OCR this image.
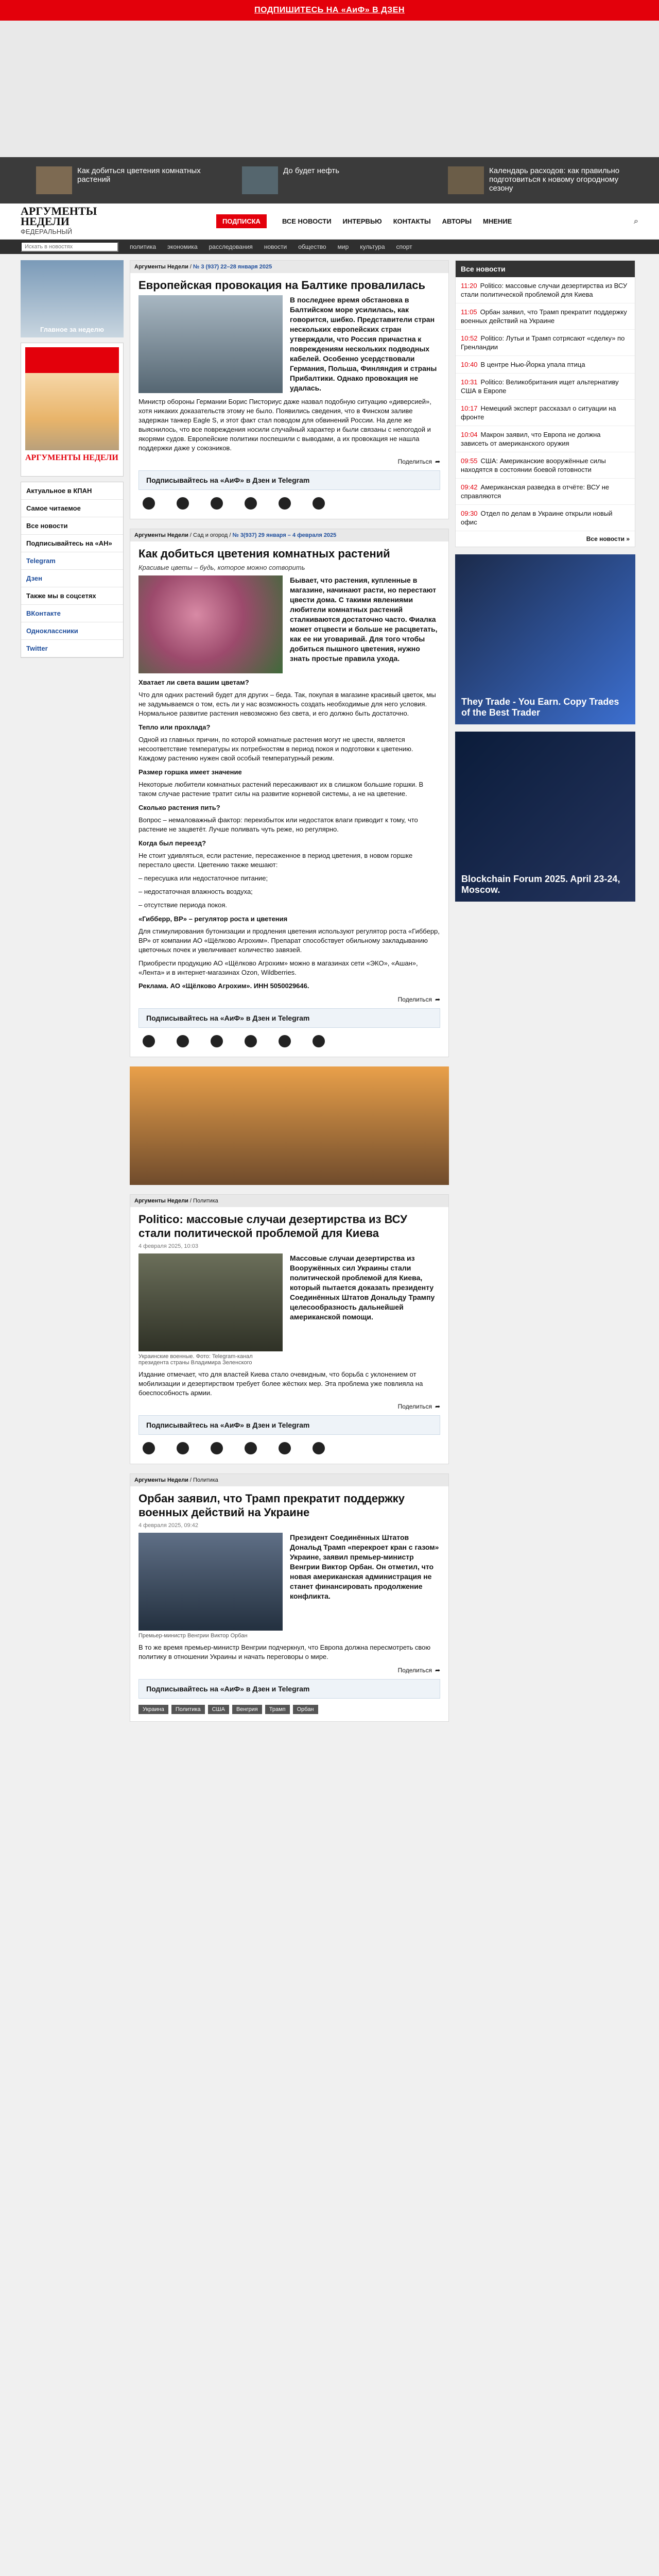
ПОДПИШИТЕСЬ НА «АиФ» В ДЗЕН
Как добиться цветения комнатных растений
До будет нефть	Календарь расходов: как правильно подготовиться к новому огородному сезону
АРГУМЕНТЫ НЕДЕЛИ
ФЕДЕРАЛЬНЫЙ
ПОДПИСКА	ВСЕ НОВОСТИ ИНТЕРВЬЮ КОНТАКТЫ АВТОРЫ МНЕНИЕ	⌕
Искать в новостях
политика экономика расследования новости общество мир культура спорт
Главное за неделю
АРГУМЕНТЫ НЕДЕЛИ
Актуальное в КПАН
Самое читаемое
Все новости
Подписывайтесь на «АН»
Telegram
Дзен
Также мы в соцсетях
ВКонтакте
Одноклассники
Twitter
Аргументы Недели / № 3 (937) 22–28 января 2025
Европейская провокация на Балтике провалилась
В последнее время обстановка в Балтийском море усилилась, как говорится, шибко. Представители стран нескольких европейских стран утверждали, что Россия причастна к повреждениям нескольких подводных кабелей. Особенно усердствовали Германия, Польша, Финляндия и страны Прибалтики. Однако провокация не удалась.

Министр обороны Германии Борис Писториус даже назвал подобную ситуацию «диверсией», хотя никаких доказательств этому не было. Появились сведения, что в Финском заливе задержан танкер Eagle S, и этот факт стал поводом для обвинений России. На деле же выяснилось, что все повреждения носили случайный характер и были связаны с непогодой и якорями судов. Европейские политики поспешили с выводами, а их провокация не нашла поддержки даже у союзников.

Поделиться ➦
Подписывайтесь на «АиФ» в Дзен и Telegram
Аргументы Недели / Сад и огород / № 3(937) 29 января – 4 февраля 2025
Как добиться цветения комнатных растений
Красивые цветы – будь, которое можно сотворить
Бывает, что растения, купленные в магазине, начинают расти, но перестают цвести дома. С такими явлениями любители комнатных растений сталкиваются достаточно часто. Фиалка может отцвести и больше не расцветать, как ее ни уговаривай. Для того чтобы добиться пышного цветения, нужно знать простые правила ухода.
Хватает ли света вашим цветам?

Что для одних растений будет для других – беда. Так, покупая в магазине красивый цветок, мы не задумываемся о том, есть ли у нас возможность создать необходимые для него условия. Нормальное развитие растения невозможно без света, и его должно быть достаточно.

Тепло или прохлада?

Одной из главных причин, по которой комнатные растения могут не цвести, является несоответствие температуры их потребностям в период покоя и подготовки к цветению. Каждому растению нужен свой особый температурный режим.

Размер горшка имеет значение

Некоторые любители комнатных растений пересаживают их в слишком большие горшки. В таком случае растение тратит силы на развитие корневой системы, а не на цветение.

Сколько растения пить?

Вопрос – немаловажный фактор: переизбыток или недостаток влаги приводит к тому, что растение не зацветёт. Лучше поливать чуть реже, но регулярно.

Когда был переезд?

Не стоит удивляться, если растение, пересаженное в период цветения, в новом горшке перестало цвести. Цветению также мешают:

– пересушка или недостаточное питание;

– недостаточная влажность воздуха;

– отсутствие периода покоя.

«Гибберр, ВР» – регулятор роста и цветения

Для стимулирования бутонизации и продления цветения используют регулятор роста «Гибберр, ВР» от компании АО «Щёлково Агрохим». Препарат способствует обильному закладыванию цветочных почек и увеличивает количество завязей.

Приобрести продукцию АО «Щёлково Агрохим» можно в магазинах сети «ЭКО», «Ашан», «Лента» и в интернет-магазинах Ozon, Wildberries.

Реклама. АО «Щёлково Агрохим». ИНН 5050029646.

Поделиться ➦
Подписывайтесь на «АиФ» в Дзен и Telegram
Аргументы Недели / Политика
Politico: массовые случаи дезертирства из ВСУ стали политической проблемой для Киева
4 февраля 2025, 10:03
Украинские военные. Фото: Telegram-канал президента страны Владимира Зеленского
Массовые случаи дезертирства из Вооружённых сил Украины стали политической проблемой для Киева, который пытается доказать президенту Соединённых Штатов Дональду Трампу целесообразность дальнейшей американской помощи.

Издание отмечает, что для властей Киева стало очевидным, что борьба с уклонением от мобилизации и дезертирством требует более жёстких мер. Эта проблема уже повлияла на боеспособность армии.

Поделиться ➦
Подписывайтесь на «АиФ» в Дзен и Telegram
Аргументы Недели / Политика
Орбан заявил, что Трамп прекратит поддержку военных действий на Украине
4 февраля 2025, 09:42
Премьер-министр Венгрии Виктор Орбан
Президент Соединённых Штатов Дональд Трамп «перекроет кран с газом» Украине, заявил премьер-министр Венгрии Виктор Орбан. Он отметил, что новая американская администрация не станет финансировать продолжение конфликта.

В то же время премьер-министр Венгрии подчеркнул, что Европа должна пересмотреть свою политику в отношении Украины и начать переговоры о мире.

Поделиться ➦
Подписывайтесь на «АиФ» в Дзен и Telegram
Украина	Политика	США	Венгрия	Трамп	Орбан
Все новости
11:20 Politico: массовые случаи дезертирства из ВСУ стали политической проблемой для Киева
11:05 Орбан заявил, что Трамп прекратит поддержку военных действий на Украине
10:52 Politico: Лутьи и Трамп сотрясают «сделку» по Гренландии
10:40 В центре Нью-Йорка упала птица
10:31 Politico: Великобритания ищет альтернативу США в Европе
10:17 Немецкий эксперт рассказал о ситуации на фронте
10:04 Макрон заявил, что Европа не должна зависеть от американского оружия
09:55 США: Американские вооружённые силы находятся в состоянии боевой готовности
09:42 Американская разведка в отчёте: ВСУ не справляются
09:30 Отдел по делам в Украине открыли новый офис
Все новости »
They Trade - You Earn. Copy Trades of the Best Trader
Blockchain Forum 2025. April 23-24, Moscow.
